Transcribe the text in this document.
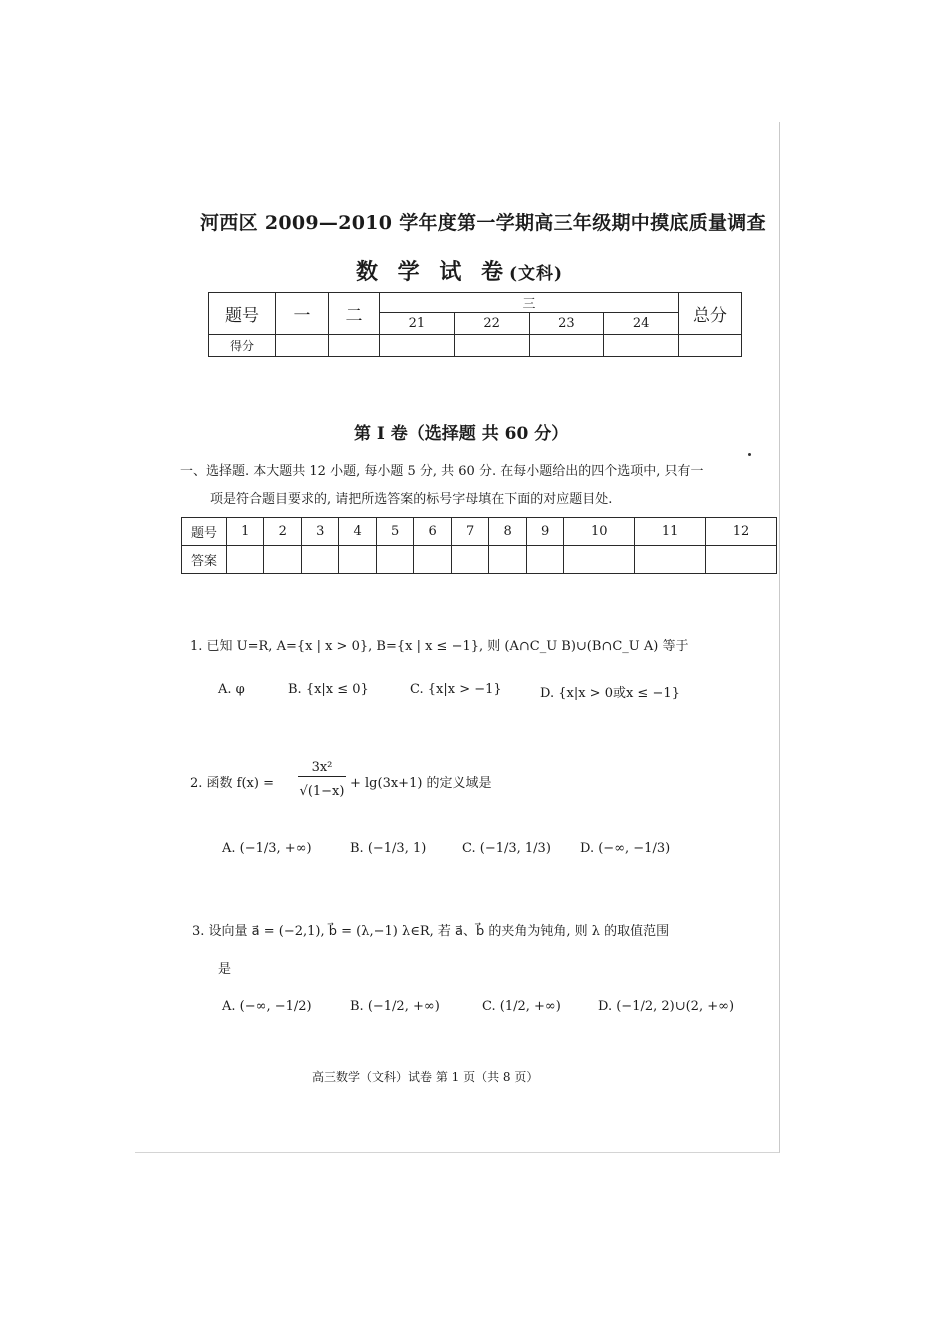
河西区 2009—2010 学年度第一学期高三年级期中摸底质量调查
数 学 试 卷(文科)
题号	一	二	三				总分
			21	22	23	24	
得分							
第 I 卷（选择题 共 60 分）
一、选择题. 本大题共 12 小题, 每小题 5 分, 共 60 分. 在每小题给出的四个选项中, 只有一
项是符合题目要求的, 请把所选答案的标号字母填在下面的对应题目处.
题号	1	2	3	4	5	6	7	8	9	10	11	12
答案												
1. 已知 U=R, A={x | x > 0}, B={x | x ≤ −1}, 则 (A∩C_U B)∪(B∩C_U A) 等于
A. φ	B. {x|x ≤ 0}	C. {x|x > −1}	D. {x|x > 0或x ≤ −1}
2. 函数 f(x) =
3x²
√(1−x)
+ lg(3x+1) 的定义域是
A. (−1/3, +∞)	B. (−1/3, 1)	C. (−1/3, 1/3) D. (−∞, −1/3)
3. 设向量 a⃗ = (−2,1), b⃗ = (λ,−1) λ∈R, 若 a⃗、b⃗ 的夹角为钝角, 则 λ 的取值范围
是
A. (−∞, −1/2)	B. (−1/2, +∞)	C. (1/2, +∞)	D. (−1/2, 2)∪(2, +∞)
高三数学（文科）试卷 第 1 页（共 8 页）
